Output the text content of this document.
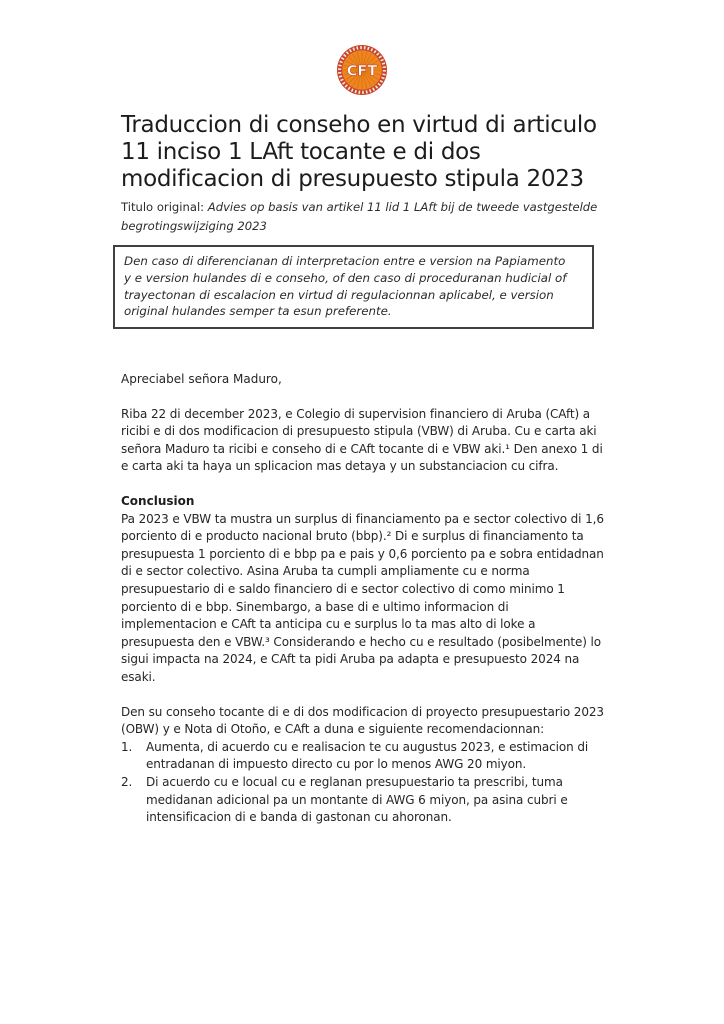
CFT
Traduccion di conseho en virtud di articulo
11 inciso 1 LAft tocante e di dos
modificacion di presupuesto stipula 2023

Titulo original: Advies op basis van artikel 11 lid 1 LAft bij de tweede vastgestelde begrotingswijziging 2023

Den caso di diferencianan di interpretacion entre e version na Papiamento y e version hulandes di e conseho, of den caso di proceduranan hudicial of trayectonan di escalacion en virtud di regulacionnan aplicabel, e version original hulandes semper ta esun preferente.

Apreciabel señora Maduro,

Riba 22 di december 2023, e Colegio di supervision financiero di Aruba (CAft) a ricibi e di dos modificacion di presupuesto stipula (VBW) di Aruba. Cu e carta aki señora Maduro ta ricibi e conseho di e CAft tocante di e VBW aki.¹ Den anexo 1 di e carta aki ta haya un splicacion mas detaya y un substanciacion cu cifra.

Conclusion

Pa 2023 e VBW ta mustra un surplus di financiamento pa e sector colectivo di 1,6 porciento di e producto nacional bruto (bbp).² Di e surplus di financiamento ta presupuesta 1 porciento di e bbp pa e pais y 0,6 porciento pa e sobra entidadnan di e sector colectivo. Asina Aruba ta cumpli ampliamente cu e norma presupuestario di e saldo financiero di e sector colectivo di como minimo 1 porciento di e bbp. Sinembargo, a base di e ultimo informacion di implementacion e CAft ta anticipa cu e surplus lo ta mas alto di loke a presupuesta den e VBW.³ Considerando e hecho cu e resultado (posibelmente) lo sigui impacta na 2024, e CAft ta pidi Aruba pa adapta e presupuesto 2024 na esaki.

Den su conseho tocante di e di dos modificacion di proyecto presupuestario 2023 (OBW) y e Nota di Otoño, e CAft a duna e siguiente recomendacionnan:

1.	Aumenta, di acuerdo cu e realisacion te cu augustus 2023, e estimacion di entradanan di impuesto directo cu por lo menos AWG 20 miyon.
2.	Di acuerdo cu e locual cu e reglanan presupuestario ta prescribi, tuma medidanan adicional pa un montante di AWG 6 miyon, pa asina cubri e intensificacion di e banda di gastonan cu ahoronan.
